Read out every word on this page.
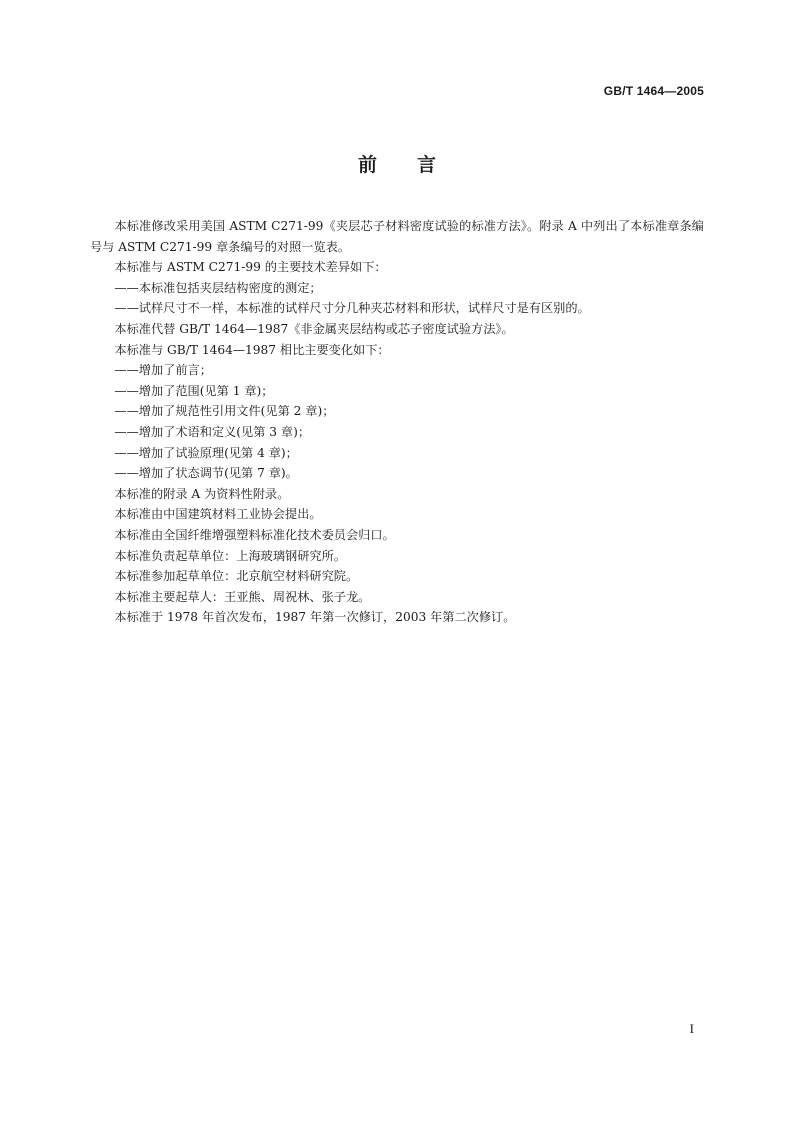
GB/T 1464—2005
前言

本标准修改采用美国 ASTM C271-99《夹层芯子材料密度试验的标准方法》。附录 A 中列出了本标准章条编号与 ASTM C271-99 章条编号的对照一览表。

本标准与 ASTM C271-99 的主要技术差异如下：

——本标准包括夹层结构密度的测定；

——试样尺寸不一样，本标准的试样尺寸分几种夹芯材料和形状，试样尺寸是有区别的。

本标准代替 GB/T 1464—1987《非金属夹层结构或芯子密度试验方法》。

本标准与 GB/T 1464—1987 相比主要变化如下：

——增加了前言；

——增加了范围(见第 1 章)；

——增加了规范性引用文件(见第 2 章)；

——增加了术语和定义(见第 3 章)；

——增加了试验原理(见第 4 章)；

——增加了状态调节(见第 7 章)。

本标准的附录 A 为资料性附录。

本标准由中国建筑材料工业协会提出。

本标准由全国纤维增强塑料标准化技术委员会归口。

本标准负责起草单位：上海玻璃钢研究所。

本标准参加起草单位：北京航空材料研究院。

本标准主要起草人：王亚熊、周祝林、张子龙。

本标准于 1978 年首次发布，1987 年第一次修订，2003 年第二次修订。

I
